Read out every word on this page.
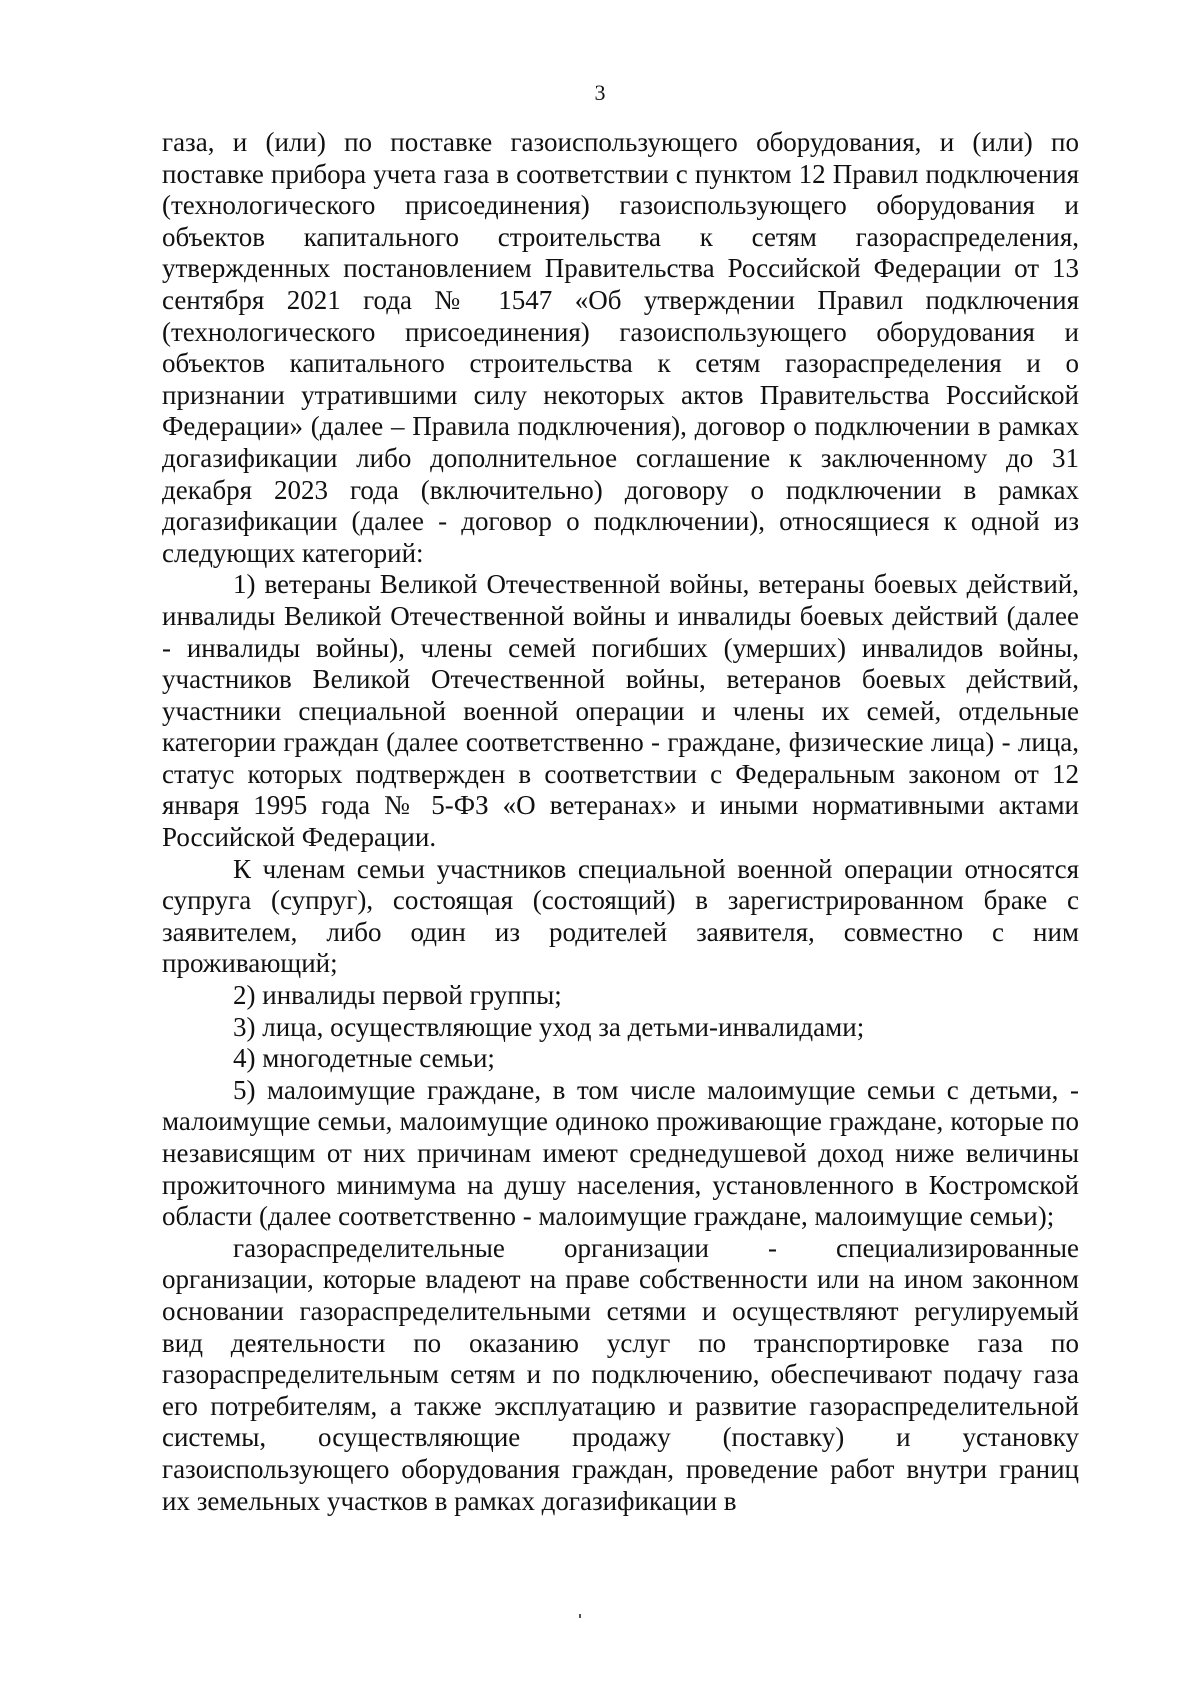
3

газа, и (или) по поставке газоиспользующего оборудования, и (или) по поставке прибора учета газа в соответствии с пунктом 12 Правил подключения (технологического присоединения) газоиспользующего оборудования и объектов капитального строительства к сетям газораспределения, утвержденных постановлением Правительства Российской Федерации от 13 сентября 2021 года № 1547 «Об утверждении Правил подключения (технологического присоединения) газоиспользующего оборудования и объектов капитального строительства к сетям газораспределения и о признании утратившими силу некоторых актов Правительства Российской Федерации» (далее – Правила подключения), договор о подключении в рамках догазификации либо дополнительное соглашение к заключенному до 31 декабря 2023 года (включительно) договору о подключении в рамках догазификации (далее - договор о подключении), относящиеся к одной из следующих категорий:

1) ветераны Великой Отечественной войны, ветераны боевых действий, инвалиды Великой Отечественной войны и инвалиды боевых действий (далее - инвалиды войны), члены семей погибших (умерших) инвалидов войны, участников Великой Отечественной войны, ветеранов боевых действий, участники специальной военной операции и члены их семей, отдельные категории граждан (далее соответственно - граждане, физические лица) - лица, статус которых подтвержден в соответствии с Федеральным законом от 12 января 1995 года № 5-ФЗ «О ветеранах» и иными нормативными актами Российской Федерации.

К членам семьи участников специальной военной операции относятся супруга (супруг), состоящая (состоящий) в зарегистрированном браке с заявителем, либо один из родителей заявителя, совместно с ним проживающий;

2) инвалиды первой группы;

3) лица, осуществляющие уход за детьми-инвалидами;

4) многодетные семьи;

5) малоимущие граждане, в том числе малоимущие семьи с детьми, - малоимущие семьи, малоимущие одиноко проживающие граждане, которые по независящим от них причинам имеют среднедушевой доход ниже величины прожиточного минимума на душу населения, установленного в Костромской области (далее соответственно - малоимущие граждане, малоимущие семьи);

газораспределительные организации - специализированные организации, которые владеют на праве собственности или на ином законном основании газораспределительными сетями и осуществляют регулируемый вид деятельности по оказанию услуг по транспортировке газа по газораспределительным сетям и по подключению, обеспечивают подачу газа его потребителям, а также эксплуатацию и развитие газораспределительной системы, осуществляющие продажу (поставку) и установку газоиспользующего оборудования граждан, проведение работ внутри границ их земельных участков в рамках догазификации в
